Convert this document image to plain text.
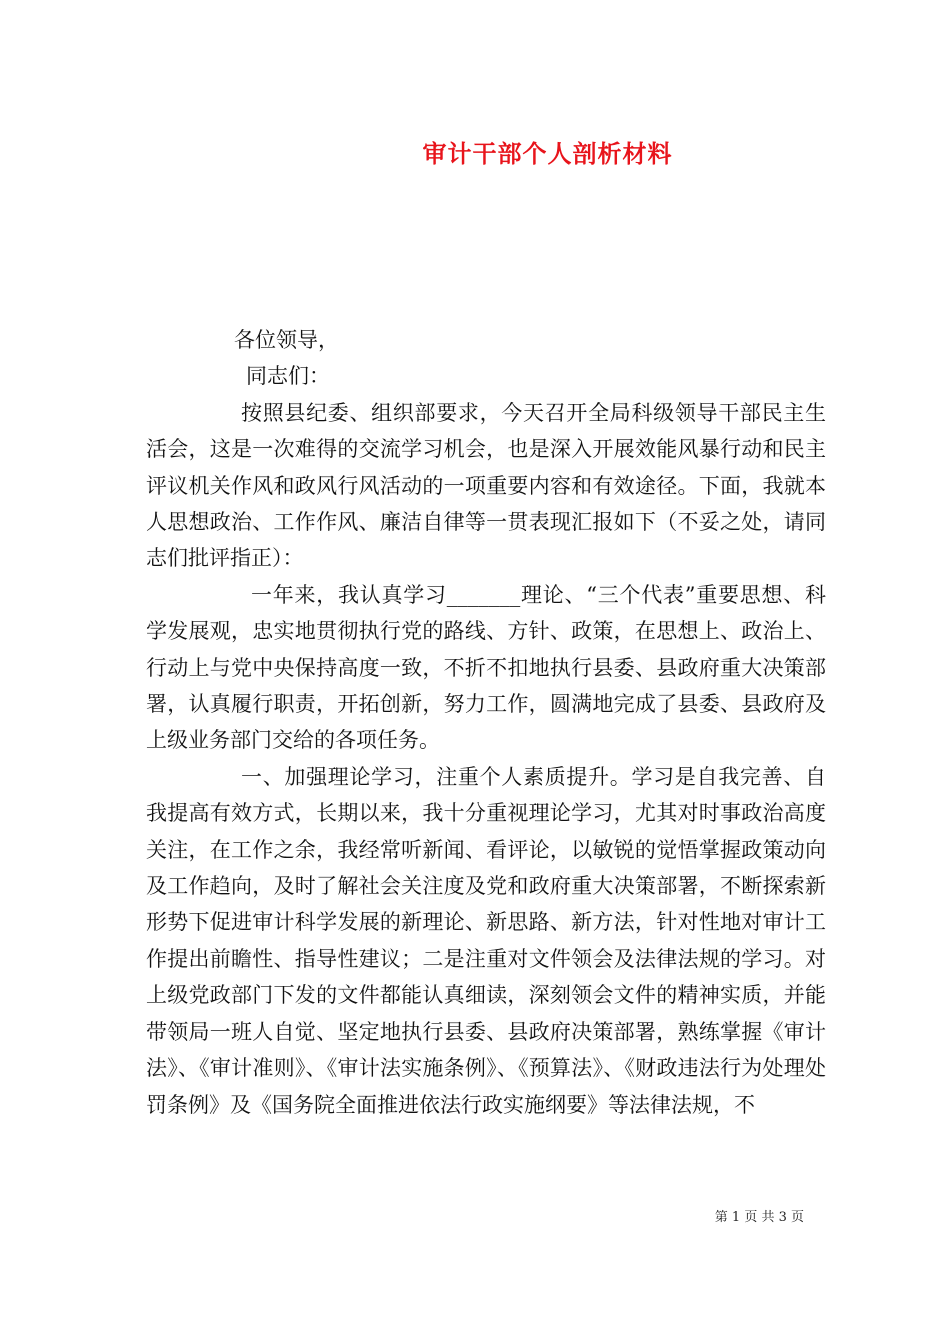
审计干部个人剖析材料

各位领导，

同志们：

按照县纪委、组织部要求，今天召开全局科级领导干部民主生活会，这是一次难得的交流学习机会，也是深入开展效能风暴行动和民主评议机关作风和政风行风活动的一项重要内容和有效途径。下面，我就本人思想政治、工作作风、廉洁自律等一贯表现汇报如下（不妥之处，请同志们批评指正）：

一年来，我认真学习_______理论、“三个代表”重要思想、科学发展观，忠实地贯彻执行党的路线、方针、政策，在思想上、政治上、行动上与党中央保持高度一致，不折不扣地执行县委、县政府重大决策部署，认真履行职责，开拓创新，努力工作，圆满地完成了县委、县政府及上级业务部门交给的各项任务。

一、加强理论学习，注重个人素质提升。学习是自我完善、自我提高有效方式，长期以来，我十分重视理论学习，尤其对时事政治高度关注，在工作之余，我经常听新闻、看评论，以敏锐的觉悟掌握政策动向及工作趋向，及时了解社会关注度及党和政府重大决策部署，不断探索新形势下促进审计科学发展的新理论、新思路、新方法，针对性地对审计工作提出前瞻性、指导性建议；二是注重对文件领会及法律法规的学习。对上级党政部门下发的文件都能认真细读，深刻领会文件的精神实质，并能带领局一班人自觉、坚定地执行县委、县政府决策部署，熟练掌握《审计法》、《审计准则》、《审计法实施条例》、《预算法》、《财政违法行为处理处罚条例》及《国务院全面推进依法行政实施纲要》等法律法规，不

第 1 页 共 3 页
